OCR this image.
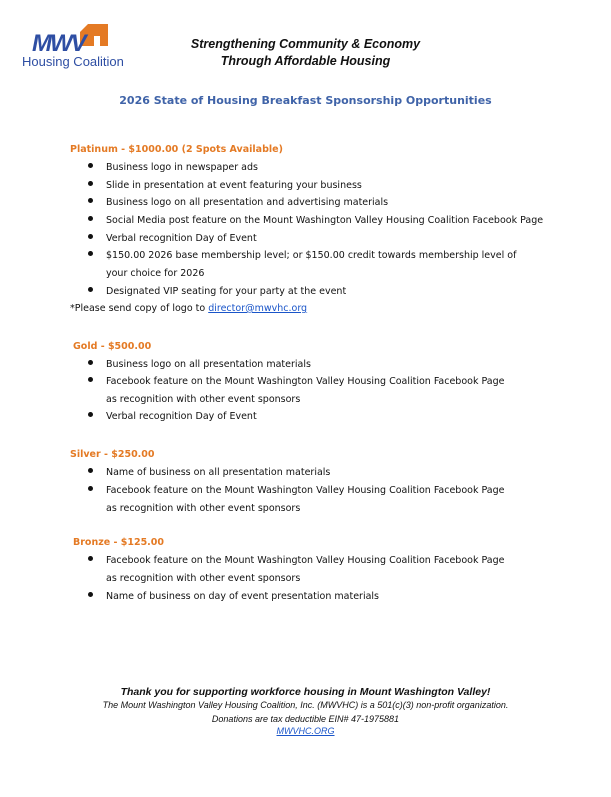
MWV
Housing Coalition
Strengthening Community & Economy
Through Affordable Housing
2026 State of Housing Breakfast Sponsorship Opportunities
Platinum - $1000.00 (2 Spots Available)
Business logo in newspaper ads
Slide in presentation at event featuring your business
Business logo on all presentation and advertising materials
Social Media post feature on the Mount Washington Valley Housing Coalition Facebook Page
Verbal recognition Day of Event
$150.00 2026 base membership level; or $150.00 credit towards membership level of your choice for 2026
Designated VIP seating for your party at the event
*Please send copy of logo to director@mwvhc.org
Gold - $500.00
Business logo on all presentation materials
Facebook feature on the Mount Washington Valley Housing Coalition Facebook Page as recognition with other event sponsors
Verbal recognition Day of Event
Silver - $250.00
Name of business on all presentation materials
Facebook feature on the Mount Washington Valley Housing Coalition Facebook Page as recognition with other event sponsors
Bronze - $125.00
Facebook feature on the Mount Washington Valley Housing Coalition Facebook Page as recognition with other event sponsors
Name of business on day of event presentation materials
Thank you for supporting workforce housing in Mount Washington Valley!
The Mount Washington Valley Housing Coalition, Inc. (MWVHC) is a 501(c)(3) non-profit organization.
Donations are tax deductible EIN# 47-1975881
MWVHC.ORG
